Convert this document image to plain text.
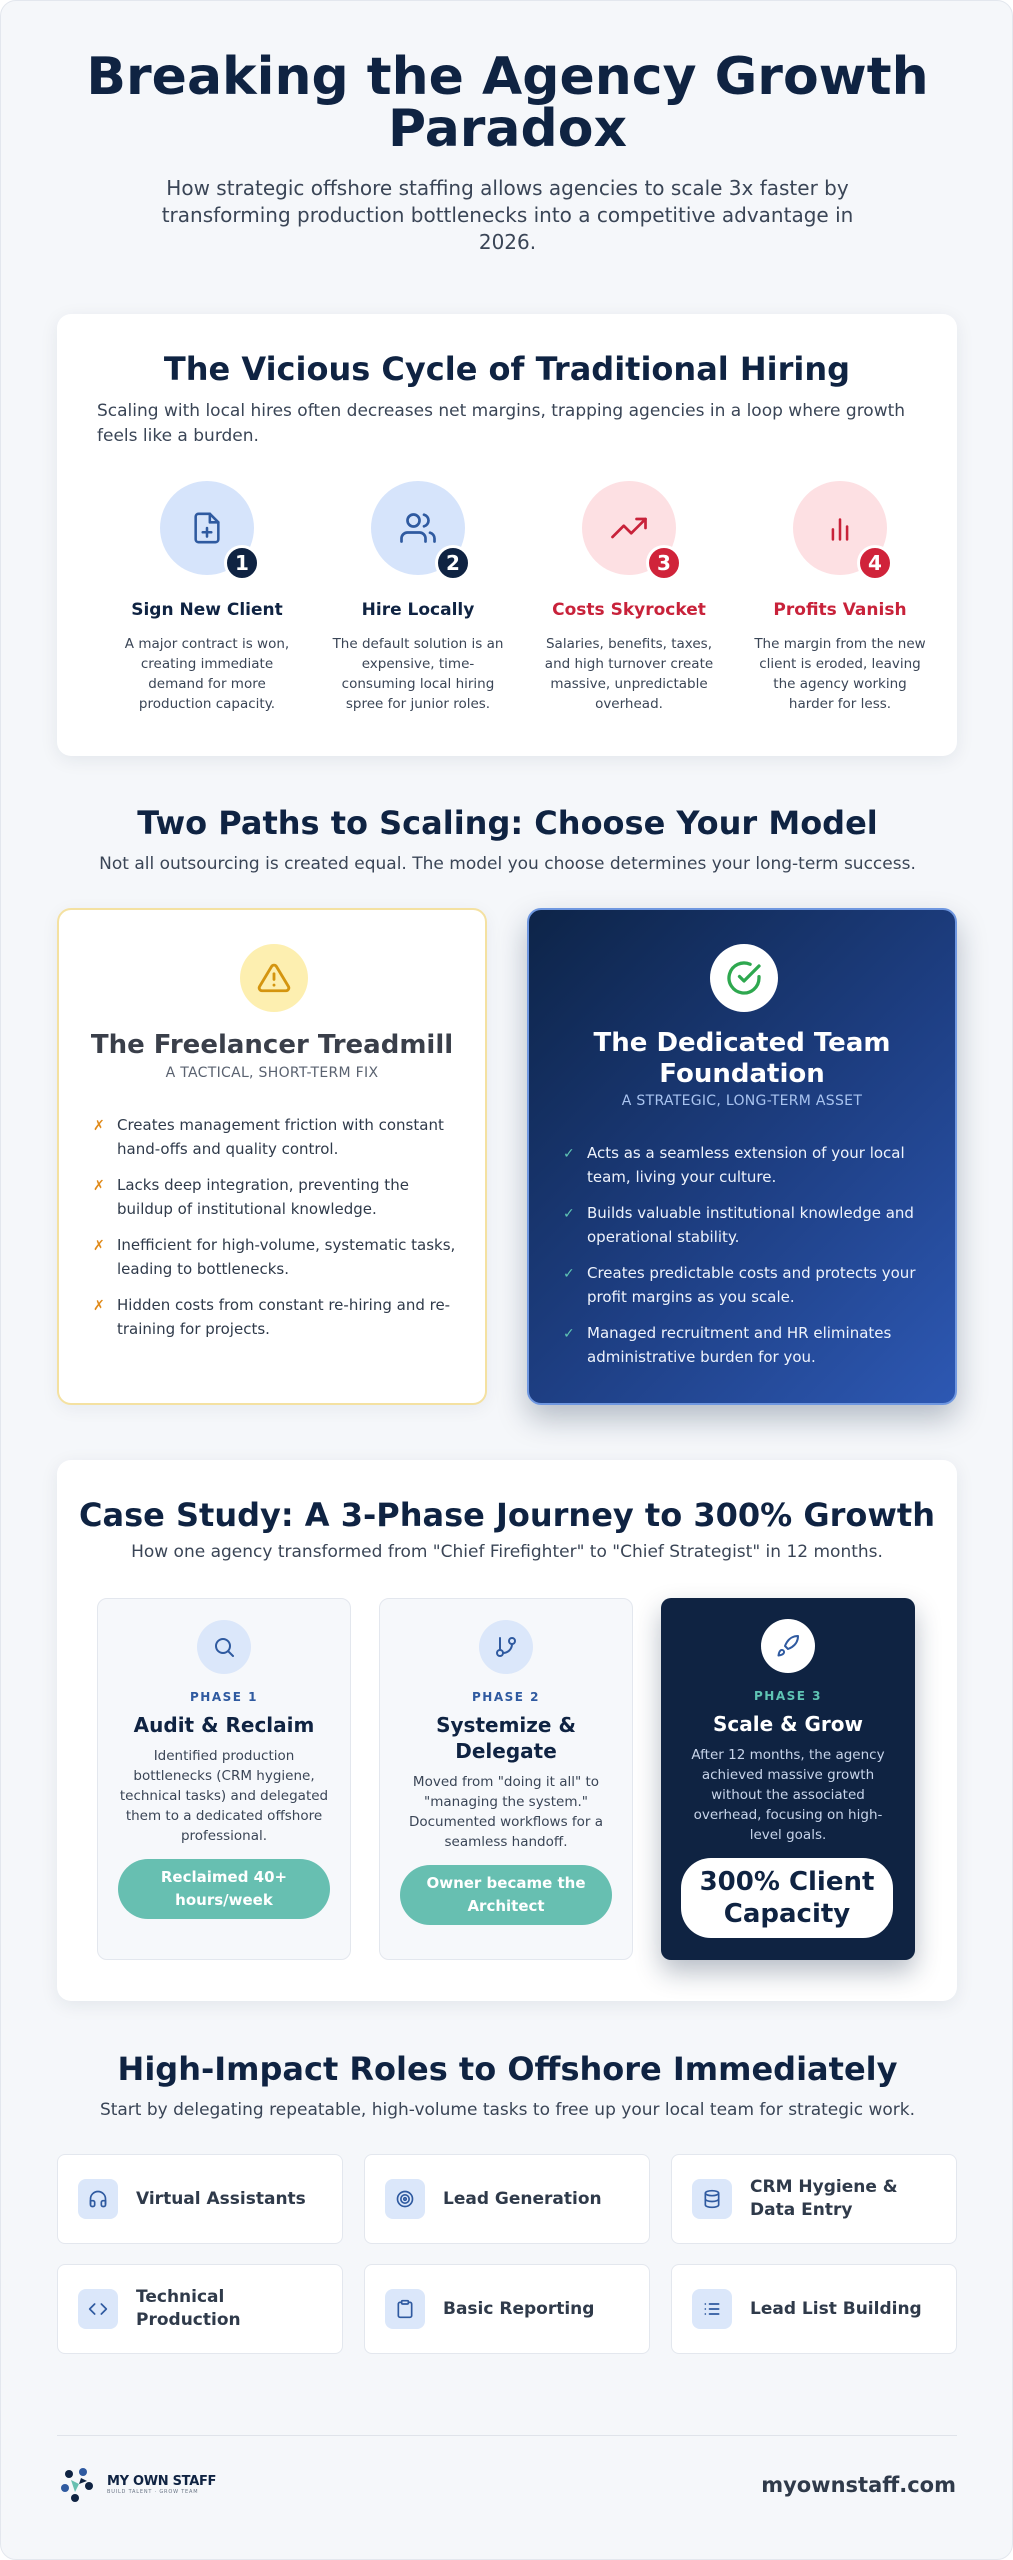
Breaking the Agency Growth Paradox

How strategic offshore staffing allows agencies to scale 3x faster by transforming production bottlenecks into a competitive advantage in 2026.

The Vicious Cycle of Traditional Hiring
Scaling with local hires often decreases net margins, trapping agencies in a loop where growth feels like a burden.
1
Sign New Client

A major contract is won, creating immediate demand for more production capacity.

2
Hire Locally

The default solution is an expensive, time-consuming local hiring spree for junior roles.

3
Costs Skyrocket

Salaries, benefits, taxes, and high turnover create massive, unpredictable overhead.

4
Profits Vanish

The margin from the new client is eroded, leaving the agency working harder for less.

Two Paths to Scaling: Choose Your Model

Not all outsourcing is created equal. The model you choose determines your long-term success.

The Freelancer Treadmill
A TACTICAL, SHORT-TERM FIX
✗ Creates management friction with constant hand-offs and quality control.
✗ Lacks deep integration, preventing the buildup of institutional knowledge.
✗ Inefficient for high-volume, systematic tasks, leading to bottlenecks.
✗ Hidden costs from constant re-hiring and re-training for projects.
The Dedicated Team Foundation
A STRATEGIC, LONG-TERM ASSET
✓ Acts as a seamless extension of your local team, living your culture.
✓ Builds valuable institutional knowledge and operational stability.
✓ Creates predictable costs and protects your profit margins as you scale.
✓ Managed recruitment and HR eliminates administrative burden for you.
Case Study: A 3-Phase Journey to 300% Growth
How one agency transformed from "Chief Firefighter" to "Chief Strategist" in 12 months.
PHASE 1
Audit & Reclaim

Identified production bottlenecks (CRM hygiene, technical tasks) and delegated them to a dedicated offshore professional.

Reclaimed 40+ hours/week
PHASE 2
Systemize & Delegate

Moved from "doing it all" to "managing the system." Documented workflows for a seamless handoff.

Owner became the Architect
PHASE 3
Scale & Grow

After 12 months, the agency achieved massive growth without the associated overhead, focusing on high-level goals.

300% Client Capacity
High-Impact Roles to Offshore Immediately

Start by delegating repeatable, high-volume tasks to free up your local team for strategic work.

Virtual Assistants	Lead Generation
CRM Hygiene & Data Entry
Technical Production
Basic Reporting	Lead List Building
MY OWN STAFF
BUILD TALENT · GROW TEAM	myownstaff.com
